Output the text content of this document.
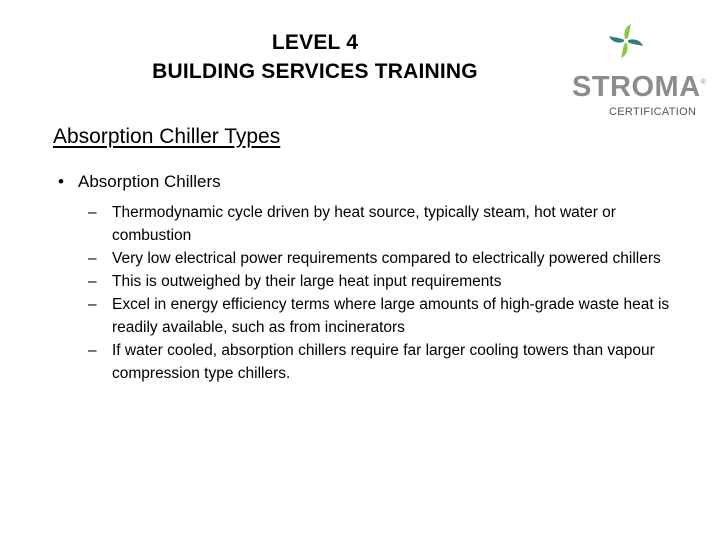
LEVEL 4
BUILDING SERVICES TRAINING	STROMA®
CERTIFICATION
Absorption Chiller Types
• Absorption Chillers
– Thermodynamic cycle driven by heat source, typically steam, hot water or combustion
– Very low electrical power requirements compared to electrically powered chillers
– This is outweighed by their large heat input requirements
– Excel in energy efficiency terms where large amounts of high-grade waste heat is readily available, such as from incinerators
– If water cooled, absorption chillers require far larger cooling towers than vapour compression type chillers.
